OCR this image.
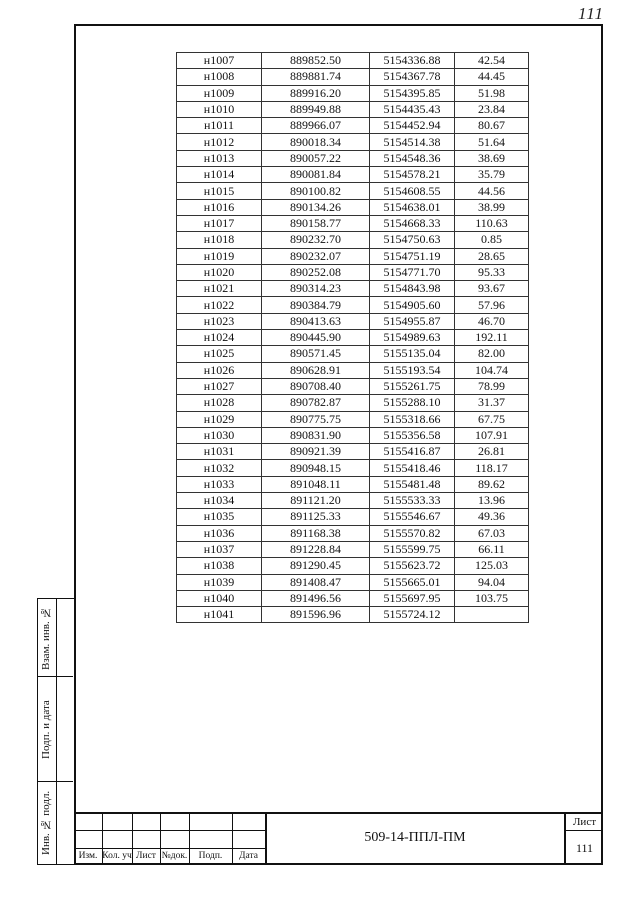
111
н1007	889852.50	5154336.88	42.54
н1008	889881.74	5154367.78	44.45
н1009	889916.20	5154395.85	51.98
н1010	889949.88	5154435.43	23.84
н1011	889966.07	5154452.94	80.67
н1012	890018.34	5154514.38	51.64
н1013	890057.22	5154548.36	38.69
н1014	890081.84	5154578.21	35.79
н1015	890100.82	5154608.55	44.56
н1016	890134.26	5154638.01	38.99
н1017	890158.77	5154668.33	110.63
н1018	890232.70	5154750.63	0.85
н1019	890232.07	5154751.19	28.65
н1020	890252.08	5154771.70	95.33
н1021	890314.23	5154843.98	93.67
н1022	890384.79	5154905.60	57.96
н1023	890413.63	5154955.87	46.70
н1024	890445.90	5154989.63	192.11
н1025	890571.45	5155135.04	82.00
н1026	890628.91	5155193.54	104.74
н1027	890708.40	5155261.75	78.99
н1028	890782.87	5155288.10	31.37
н1029	890775.75	5155318.66	67.75
н1030	890831.90	5155356.58	107.91
н1031	890921.39	5155416.87	26.81
н1032	890948.15	5155418.46	118.17
н1033	891048.11	5155481.48	89.62
н1034	891121.20	5155533.33	13.96
н1035	891125.33	5155546.67	49.36
н1036	891168.38	5155570.82	67.03
н1037	891228.84	5155599.75	66.11
н1038	891290.45	5155623.72	125.03
н1039	891408.47	5155665.01	94.04
н1040	891496.56	5155697.95	103.75
н1041	891596.96	5155724.12	
Взам. инв. №
Подп. и дата
Инв. № подл.
Изм. Кол. уч Лист №док.	Подп.	Дата
509-14-ППЛ-ПМ
Лист
111
